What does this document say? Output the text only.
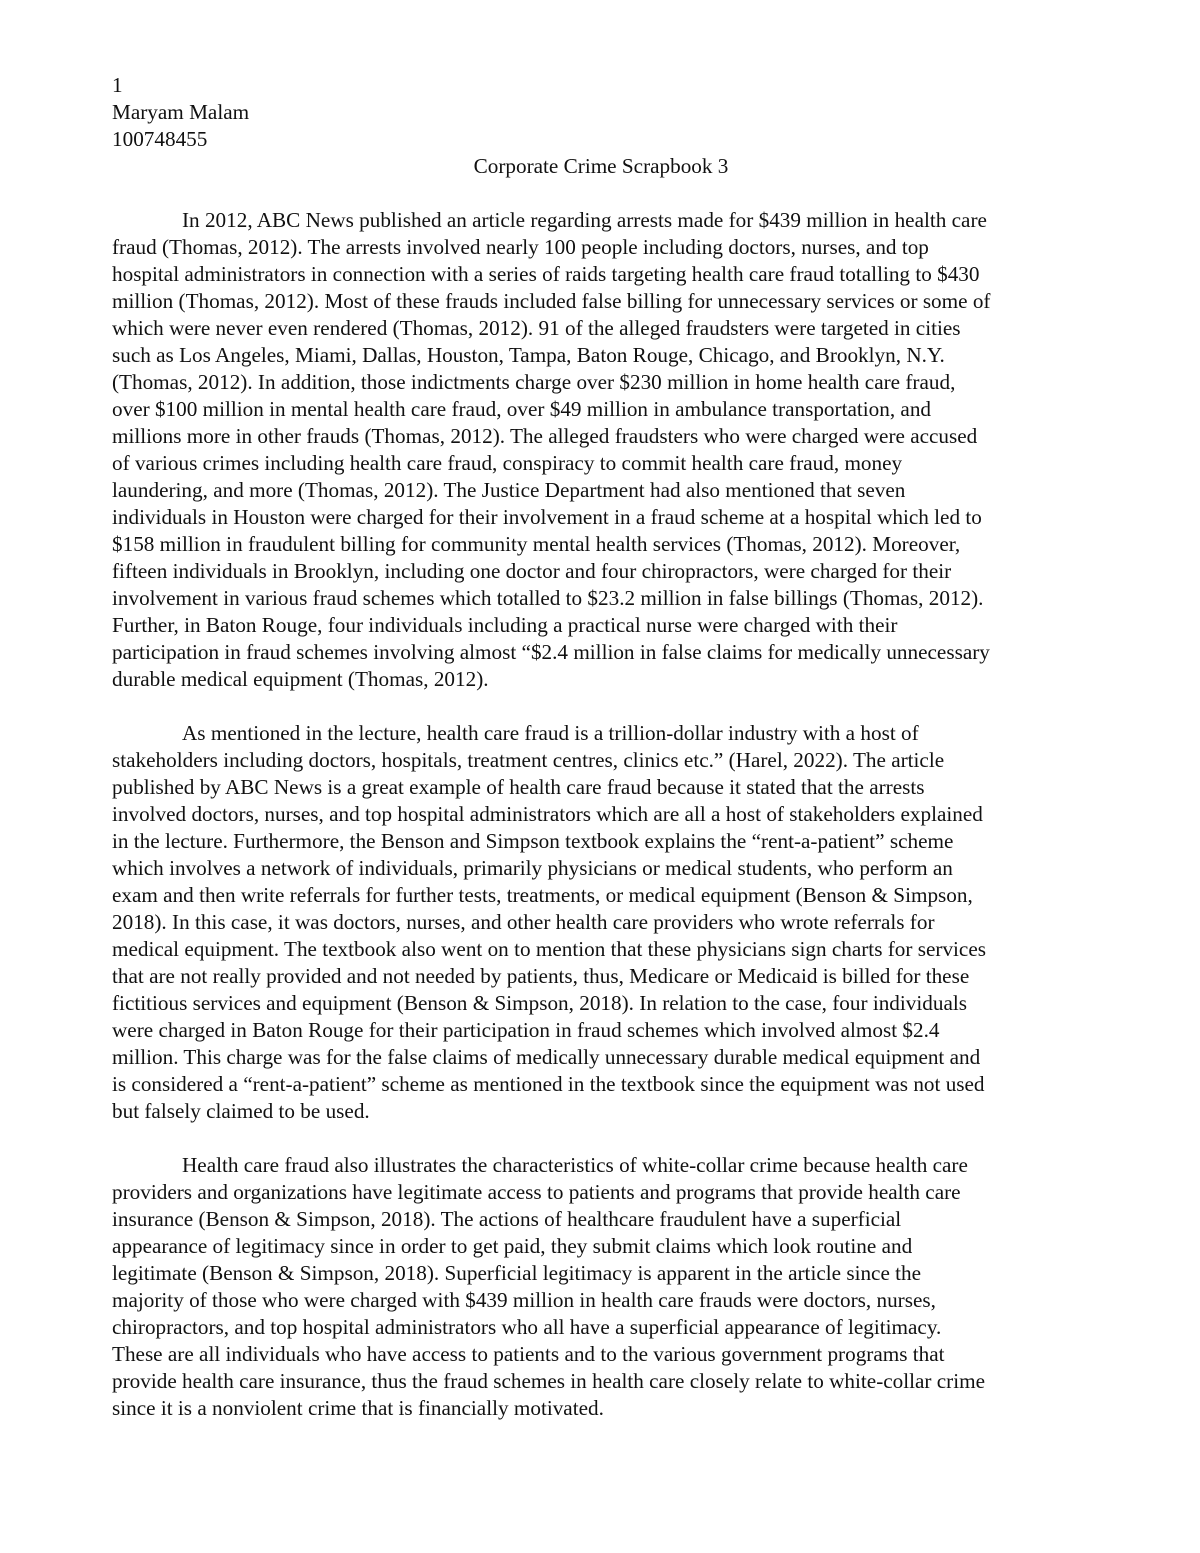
1

Maryam Malam

100748455

Corporate Crime Scrapbook 3

In 2012, ABC News published an article regarding arrests made for $439 million in health care
fraud (Thomas, 2012). The arrests involved nearly 100 people including doctors, nurses, and top
hospital administrators in connection with a series of raids targeting health care fraud totalling to $430
million (Thomas, 2012). Most of these frauds included false billing for unnecessary services or some of
which were never even rendered (Thomas, 2012). 91 of the alleged fraudsters were targeted in cities
such as Los Angeles, Miami, Dallas, Houston, Tampa, Baton Rouge, Chicago, and Brooklyn, N.Y.
(Thomas, 2012). In addition, those indictments charge over $230 million in home health care fraud,
over $100 million in mental health care fraud, over $49 million in ambulance transportation, and
millions more in other frauds (Thomas, 2012). The alleged fraudsters who were charged were accused
of various crimes including health care fraud, conspiracy to commit health care fraud, money
laundering, and more (Thomas, 2012). The Justice Department had also mentioned that seven
individuals in Houston were charged for their involvement in a fraud scheme at a hospital which led to
$158 million in fraudulent billing for community mental health services (Thomas, 2012). Moreover,
fifteen individuals in Brooklyn, including one doctor and four chiropractors, were charged for their
involvement in various fraud schemes which totalled to $23.2 million in false billings (Thomas, 2012).
Further, in Baton Rouge, four individuals including a practical nurse were charged with their
participation in fraud schemes involving almost “$2.4 million in false claims for medically unnecessary
durable medical equipment (Thomas, 2012).

As mentioned in the lecture, health care fraud is a trillion-dollar industry with a host of
stakeholders including doctors, hospitals, treatment centres, clinics etc.” (Harel, 2022). The article
published by ABC News is a great example of health care fraud because it stated that the arrests
involved doctors, nurses, and top hospital administrators which are all a host of stakeholders explained
in the lecture. Furthermore, the Benson and Simpson textbook explains the “rent-a-patient” scheme
which involves a network of individuals, primarily physicians or medical students, who perform an
exam and then write referrals for further tests, treatments, or medical equipment (Benson & Simpson,
2018). In this case, it was doctors, nurses, and other health care providers who wrote referrals for
medical equipment. The textbook also went on to mention that these physicians sign charts for services
that are not really provided and not needed by patients, thus, Medicare or Medicaid is billed for these
fictitious services and equipment (Benson & Simpson, 2018). In relation to the case, four individuals
were charged in Baton Rouge for their participation in fraud schemes which involved almost $2.4
million. This charge was for the false claims of medically unnecessary durable medical equipment and
is considered a “rent-a-patient” scheme as mentioned in the textbook since the equipment was not used
but falsely claimed to be used.

Health care fraud also illustrates the characteristics of white-collar crime because health care
providers and organizations have legitimate access to patients and programs that provide health care
insurance (Benson & Simpson, 2018). The actions of healthcare fraudulent have a superficial
appearance of legitimacy since in order to get paid, they submit claims which look routine and
legitimate (Benson & Simpson, 2018). Superficial legitimacy is apparent in the article since the
majority of those who were charged with $439 million in health care frauds were doctors, nurses,
chiropractors, and top hospital administrators who all have a superficial appearance of legitimacy.
These are all individuals who have access to patients and to the various government programs that
provide health care insurance, thus the fraud schemes in health care closely relate to white-collar crime
since it is a nonviolent crime that is financially motivated.
